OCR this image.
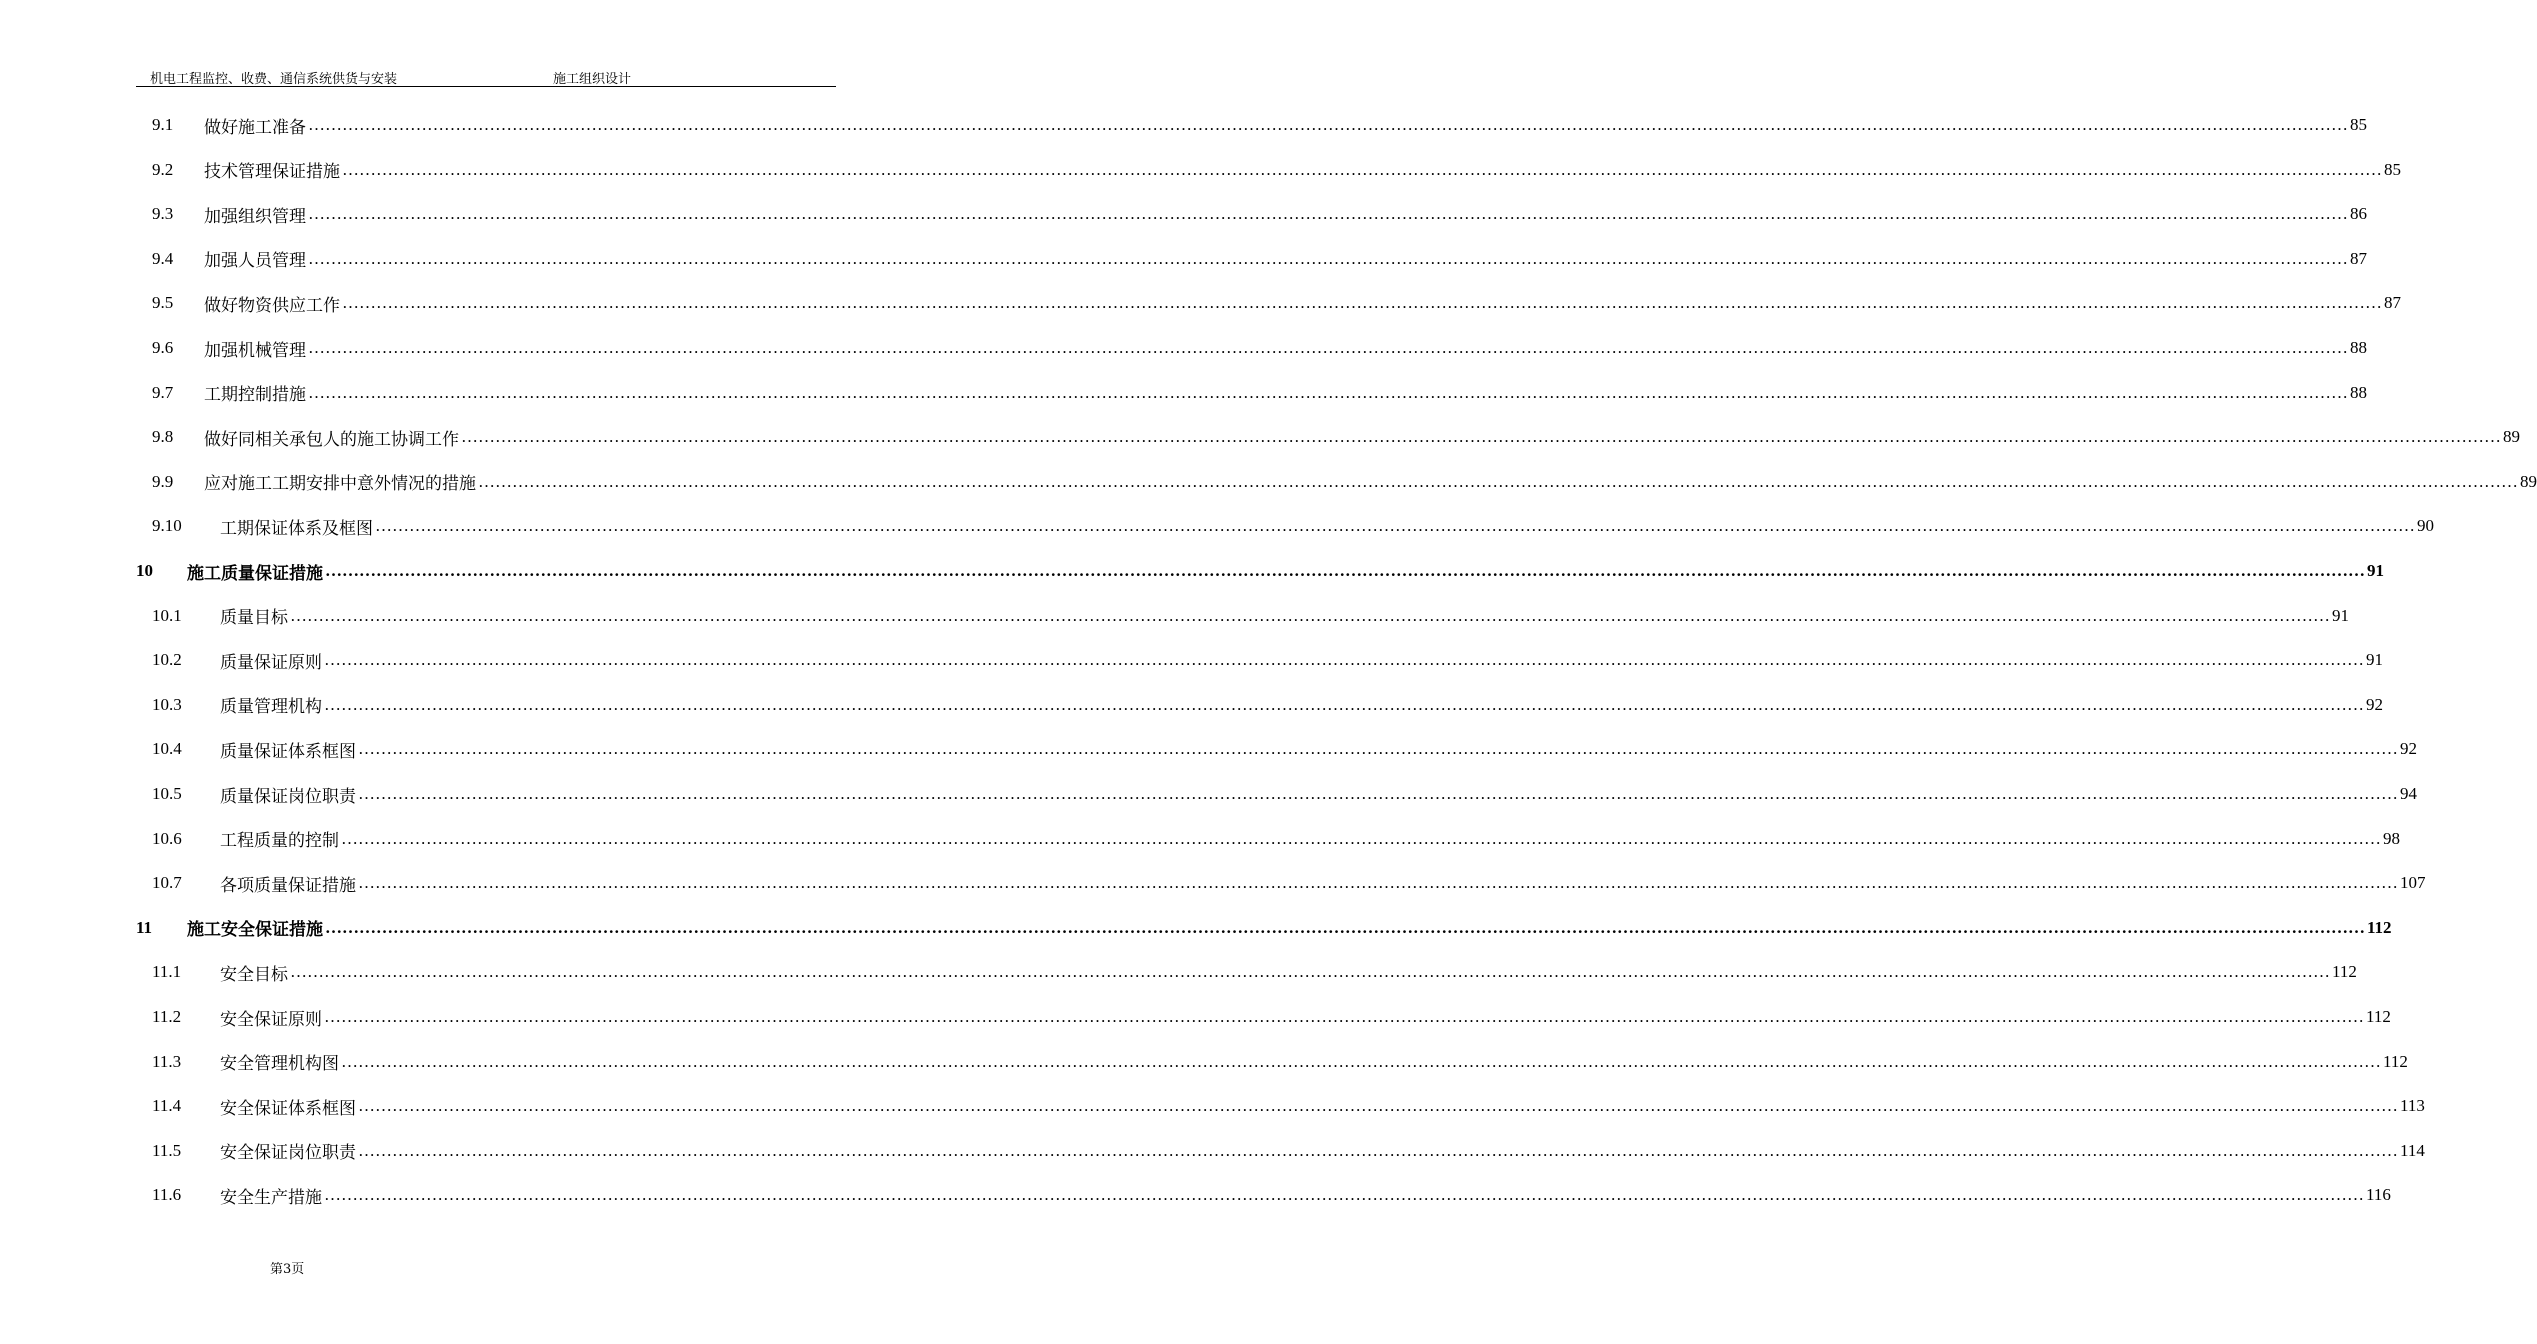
机电工程监控、收费、通信系统供货与安装	施工组织设计
9.1	做好施工准备 ……………………………………………………………………………………………………………………………………………………………………………………………………………………………………………………………………………………………………………………………… 85
9.2	技术管理保证措施 ……………………………………………………………………………………………………………………………………………………………………………………………………………………………………………………………………………………………………………………………… 85
9.3	加强组织管理 ……………………………………………………………………………………………………………………………………………………………………………………………………………………………………………………………………………………………………………………………… 86
9.4	加强人员管理 ……………………………………………………………………………………………………………………………………………………………………………………………………………………………………………………………………………………………………………………………… 87
9.5	做好物资供应工作 ……………………………………………………………………………………………………………………………………………………………………………………………………………………………………………………………………………………………………………………………… 87
9.6	加强机械管理 ……………………………………………………………………………………………………………………………………………………………………………………………………………………………………………………………………………………………………………………………… 88
9.7	工期控制措施 ……………………………………………………………………………………………………………………………………………………………………………………………………………………………………………………………………………………………………………………………… 88
9.8	做好同相关承包人的施工协调工作 ……………………………………………………………………………………………………………………………………………………………………………………………………………………………………………………………………………………………………………………………… 89
9.9	应对施工工期安排中意外情况的措施 ……………………………………………………………………………………………………………………………………………………………………………………………………………………………………………………………………………………………………………………………… 89
9.10	工期保证体系及框图 ……………………………………………………………………………………………………………………………………………………………………………………………………………………………………………………………………………………………………………………………… 90
10	施工质量保证措施 ……………………………………………………………………………………………………………………………………………………………………………………………………………………………………………………………………………………………………………………………… 91
10.1	质量目标 ……………………………………………………………………………………………………………………………………………………………………………………………………………………………………………………………………………………………………………………………… 91
10.2	质量保证原则 ……………………………………………………………………………………………………………………………………………………………………………………………………………………………………………………………………………………………………………………………… 91
10.3	质量管理机构 ……………………………………………………………………………………………………………………………………………………………………………………………………………………………………………………………………………………………………………………………… 92
10.4	质量保证体系框图 ……………………………………………………………………………………………………………………………………………………………………………………………………………………………………………………………………………………………………………………………… 92
10.5	质量保证岗位职责 ……………………………………………………………………………………………………………………………………………………………………………………………………………………………………………………………………………………………………………………………… 94
10.6	工程质量的控制 ……………………………………………………………………………………………………………………………………………………………………………………………………………………………………………………………………………………………………………………………… 98
10.7	各项质量保证措施 ……………………………………………………………………………………………………………………………………………………………………………………………………………………………………………………………………………………………………………………………… 107
11	施工安全保证措施 ……………………………………………………………………………………………………………………………………………………………………………………………………………………………………………………………………………………………………………………………… 112
11.1	安全目标 ……………………………………………………………………………………………………………………………………………………………………………………………………………………………………………………………………………………………………………………………… 112
11.2	安全保证原则 ……………………………………………………………………………………………………………………………………………………………………………………………………………………………………………………………………………………………………………………………… 112
11.3	安全管理机构图 ……………………………………………………………………………………………………………………………………………………………………………………………………………………………………………………………………………………………………………………………… 112
11.4	安全保证体系框图 ……………………………………………………………………………………………………………………………………………………………………………………………………………………………………………………………………………………………………………………………… 113
11.5	安全保证岗位职责 ……………………………………………………………………………………………………………………………………………………………………………………………………………………………………………………………………………………………………………………………… 114
11.6	安全生产措施 ……………………………………………………………………………………………………………………………………………………………………………………………………………………………………………………………………………………………………………………………… 116
第3页
